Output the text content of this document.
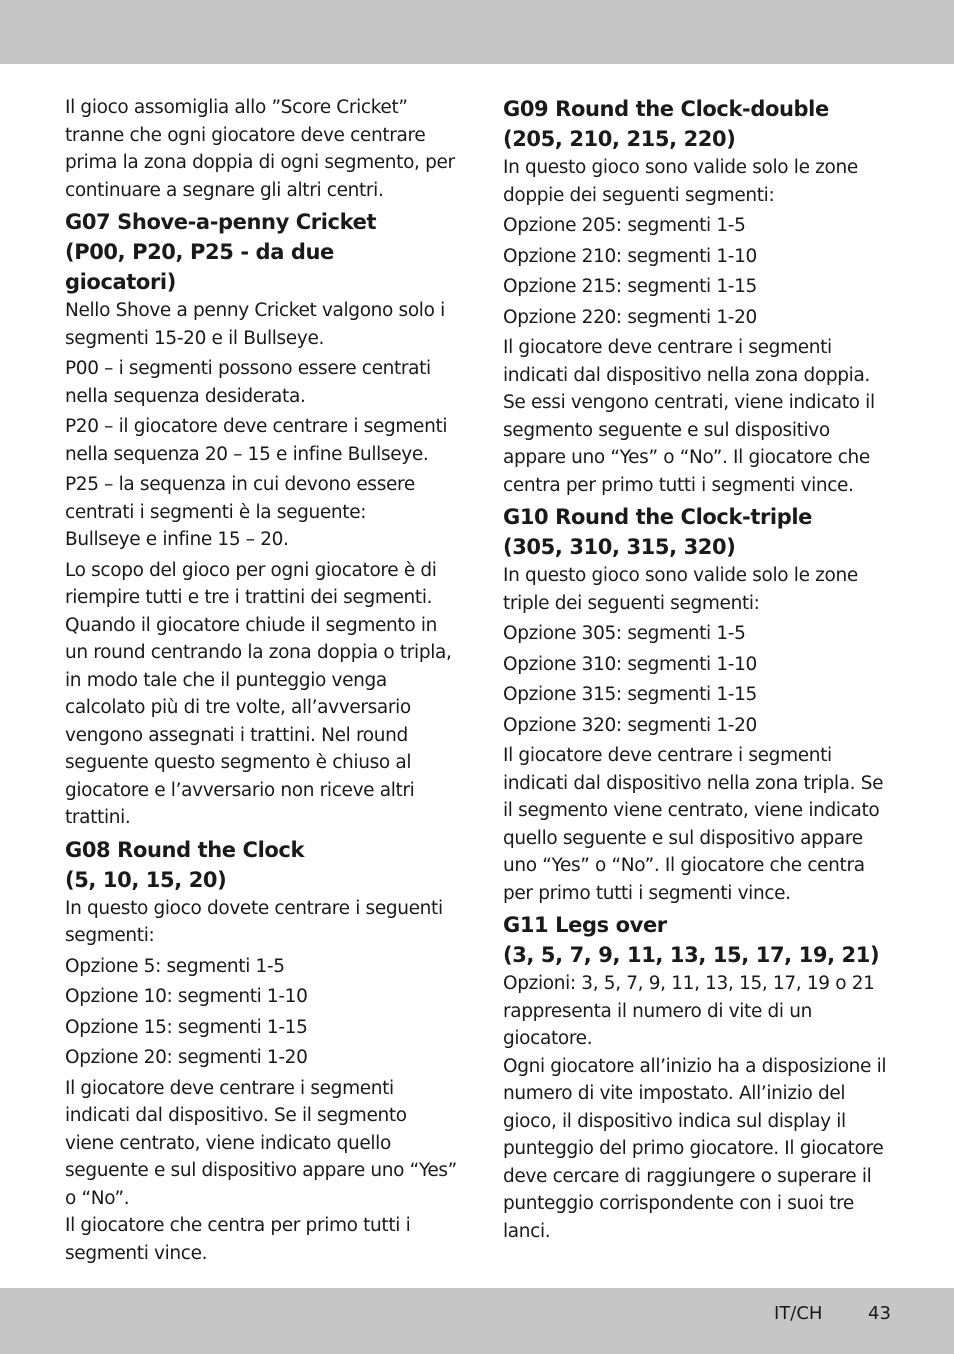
Il gioco assomiglia allo ”Score Cricket” tranne che ogni giocatore deve centrare prima la zona doppia di ogni segmento, per continuare a segnare gli altri centri.

G07 Shove-a-penny Cricket
(P00, P20, P25 - da due
giocatori)

Nello Shove a penny Cricket valgono solo i segmenti 15-20 e il Bullseye.

P00 – i segmenti possono essere centrati nella sequenza desiderata.

P20 – il giocatore deve centrare i segmenti nella sequenza 20 – 15 e infine Bullseye.

P25 – la sequenza in cui devono essere
centrati i segmenti è la seguente:
Bullseye e infine 15 – 20.

Lo scopo del gioco per ogni giocatore è di riempire tutti e tre i trattini dei segmenti. Quando il giocatore chiude il segmento in un round centrando la zona doppia o tripla, in modo tale che il punteggio venga calcolato più di tre volte, all’avversario vengono assegnati i trattini. Nel round seguente questo segmento è chiuso al giocatore e l’avversario non riceve altri trattini.

G08 Round the Clock
(5, 10, 15, 20)

In questo gioco dovete centrare i seguenti segmenti:

Opzione 5: segmenti 1-5

Opzione 10: segmenti 1-10

Opzione 15: segmenti 1-15

Opzione 20: segmenti 1-20

Il giocatore deve centrare i segmenti indicati dal dispositivo. Se il segmento viene centrato, viene indicato quello seguente e sul dispositivo appare uno “Yes” o “No”.

Il giocatore che centra per primo tutti i segmenti vince.

G09 Round the Clock-double
(205, 210, 215, 220)

In questo gioco sono valide solo le zone doppie dei seguenti segmenti:

Opzione 205: segmenti 1-5

Opzione 210: segmenti 1-10

Opzione 215: segmenti 1-15

Opzione 220: segmenti 1-20

Il giocatore deve centrare i segmenti indicati dal dispositivo nella zona doppia. Se essi vengono centrati, viene indicato il segmento seguente e sul dispositivo appare uno “Yes” o “No”. Il giocatore che centra per primo tutti i segmenti vince.

G10 Round the Clock-triple
(305, 310, 315, 320)

In questo gioco sono valide solo le zone triple dei seguenti segmenti:

Opzione 305: segmenti 1-5

Opzione 310: segmenti 1-10

Opzione 315: segmenti 1-15

Opzione 320: segmenti 1-20

Il giocatore deve centrare i segmenti indicati dal dispositivo nella zona tripla. Se il segmento viene centrato, viene indicato quello seguente e sul dispositivo appare uno “Yes” o “No”. Il giocatore che centra per primo tutti i segmenti vince.

G11 Legs over
(3, 5, 7, 9, 11, 13, 15, 17, 19, 21)

Opzioni: 3, 5, 7, 9, 11, 13, 15, 17, 19 o 21 rappresenta il numero di vite di un giocatore.

Ogni giocatore all’inizio ha a disposizione il numero di vite impostato. All’inizio del gioco, il dispositivo indica sul display il punteggio del primo giocatore. Il giocatore deve cercare di raggiungere o superare il punteggio corrispondente con i suoi tre lanci.

IT/CH	43
